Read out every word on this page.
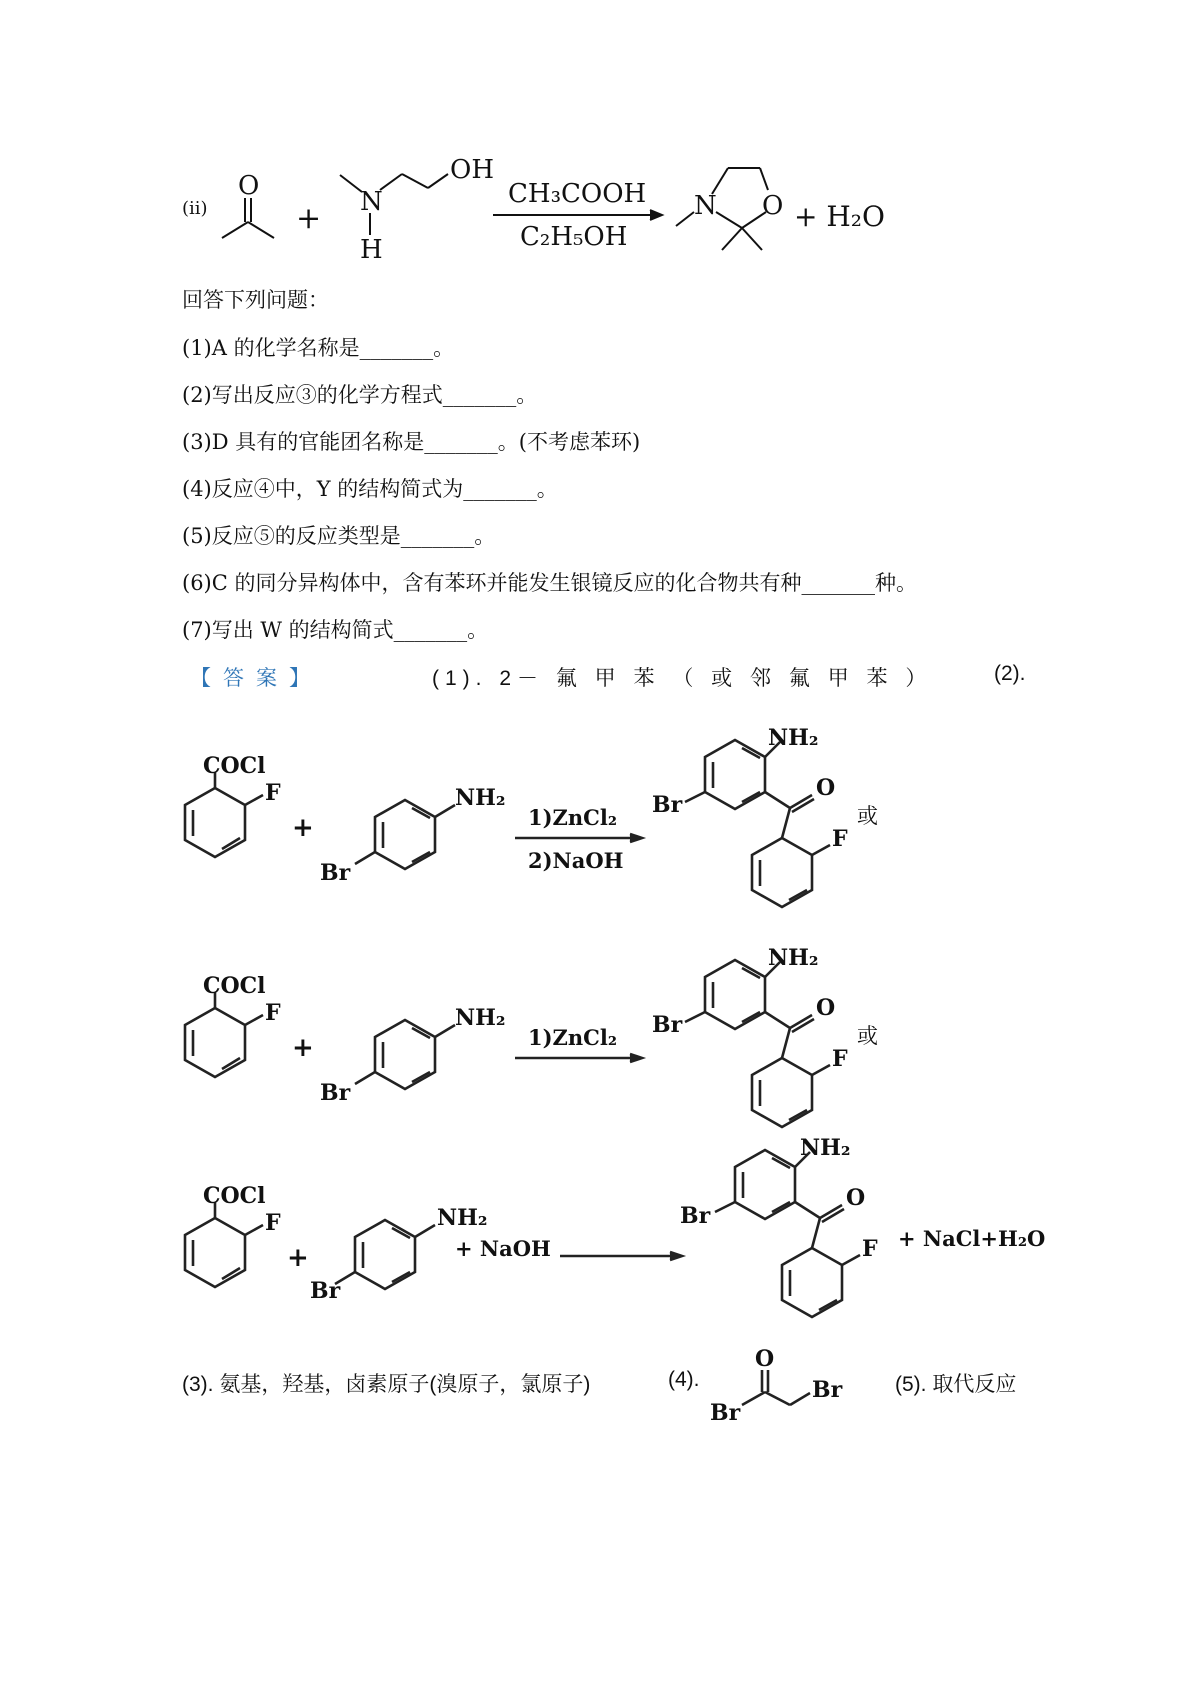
O
+ N
H
OH
CH₃COOH
C₂H₅OH
N O + H₂O
(ⅱ)
回答下列问题：
(1)A 的化学名称是_______。
(2)写出反应③的化学方程式_______。
(3)D 具有的官能团名称是_______。(不考虑苯环)
(4)反应④中，Y 的结构简式为_______。
(5)反应⑤的反应类型是_______。
(6)C 的同分异构体中，含有苯环并能发生银镜反应的化合物共有种_______种。
(7)写出 W 的结构简式_______。
【答案】	(1). 2－ 氟 甲 苯 （ 或 邻 氟 甲 苯 ）	(2).
COCl
F
+
NH₂
Br
1)ZnCl₂
2)NaOH
NH₂
O
Br
F
COCl
F
+
NH₂
Br
1)ZnCl₂
NH₂
O
Br
F
COCl
F
+
NH₂
Br
+ NaOH
NH₂
O
Br
F + NaCl+H₂O
O
Br
Br
或
或
(3). 氨基，羟基，卤素原子(溴原子，氯原子)	(4).	(5). 取代反应
